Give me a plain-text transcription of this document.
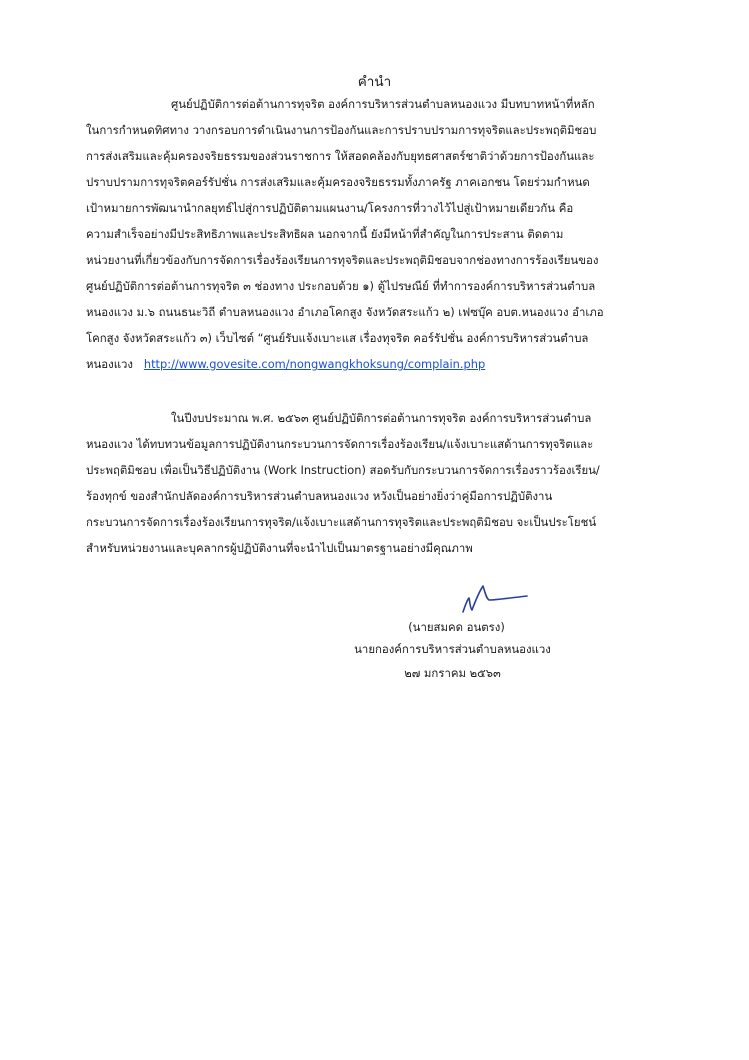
คำนำ
ศูนย์ปฏิบัติการต่อต้านการทุจริต องค์การบริหารส่วนตำบลหนองแวง มีบทบาทหน้าที่หลัก
ในการกำหนดทิศทาง วางกรอบการดำเนินงานการป้องกันและการปราบปรามการทุจริตและประพฤติมิชอบ
การส่งเสริมและคุ้มครองจริยธรรมของส่วนราชการ ให้สอดคล้องกับยุทธศาสตร์ชาติว่าด้วยการป้องกันและ
ปราบปรามการทุจริตคอร์รัปชั่น การส่งเสริมและคุ้มครองจริยธรรมทั้งภาครัฐ ภาคเอกชน โดยร่วมกำหนด
เป้าหมายการพัฒนานำกลยุทธ์ไปสู่การปฏิบัติตามแผนงาน/โครงการที่วางไว้ไปสู่เป้าหมายเดียวกัน คือ
ความสำเร็จอย่างมีประสิทธิภาพและประสิทธิผล นอกจากนี้ ยังมีหน้าที่สำคัญในการประสาน ติดตาม
หน่วยงานที่เกี่ยวข้องกับการจัดการเรื่องร้องเรียนการทุจริตและประพฤติมิชอบจากช่องทางการร้องเรียนของ
ศูนย์ปฏิบัติการต่อต้านการทุจริต ๓ ช่องทาง ประกอบด้วย ๑) ตู้ไปรษณีย์ ที่ทำการองค์การบริหารส่วนตำบล
หนองแวง ม.๖ ถนนธนะวิถี ตำบลหนองแวง อำเภอโคกสูง จังหวัดสระแก้ว ๒) เฟซบุ๊ค อบต.หนองแวง อำเภอ
โคกสูง จังหวัดสระแก้ว ๓) เว็บไซต์ “ศูนย์รับแจ้งเบาะแส เรื่องทุจริต คอร์รัปชั่น องค์การบริหารส่วนตำบล
หนองแวง http://www.govesite.com/nongwangkhoksung/complain.php
ในปีงบประมาณ พ.ศ. ๒๕๖๓ ศูนย์ปฏิบัติการต่อต้านการทุจริต องค์การบริหารส่วนตำบล
หนองแวง ได้ทบทวนข้อมูลการปฏิบัติงานกระบวนการจัดการเรื่องร้องเรียน/แจ้งเบาะแสด้านการทุจริตและ
ประพฤติมิชอบ เพื่อเป็นวิธีปฏิบัติงาน (Work Instruction) สอดรับกับกระบวนการจัดการเรื่องราวร้องเรียน/
ร้องทุกข์ ของสำนักปลัดองค์การบริหารส่วนตำบลหนองแวง หวังเป็นอย่างยิ่งว่าคู่มือการปฏิบัติงาน
กระบวนการจัดการเรื่องร้องเรียนการทุจริต/แจ้งเบาะแสด้านการทุจริตและประพฤติมิชอบ จะเป็นประโยชน์
สำหรับหน่วยงานและบุคลากรผู้ปฏิบัติงานที่จะนำไปเป็นมาตรฐานอย่างมีคุณภาพ
(นายสมคด อนตรง)
นายกองค์การบริหารส่วนตำบลหนองแวง
๒๗ มกราคม ๒๕๖๓
